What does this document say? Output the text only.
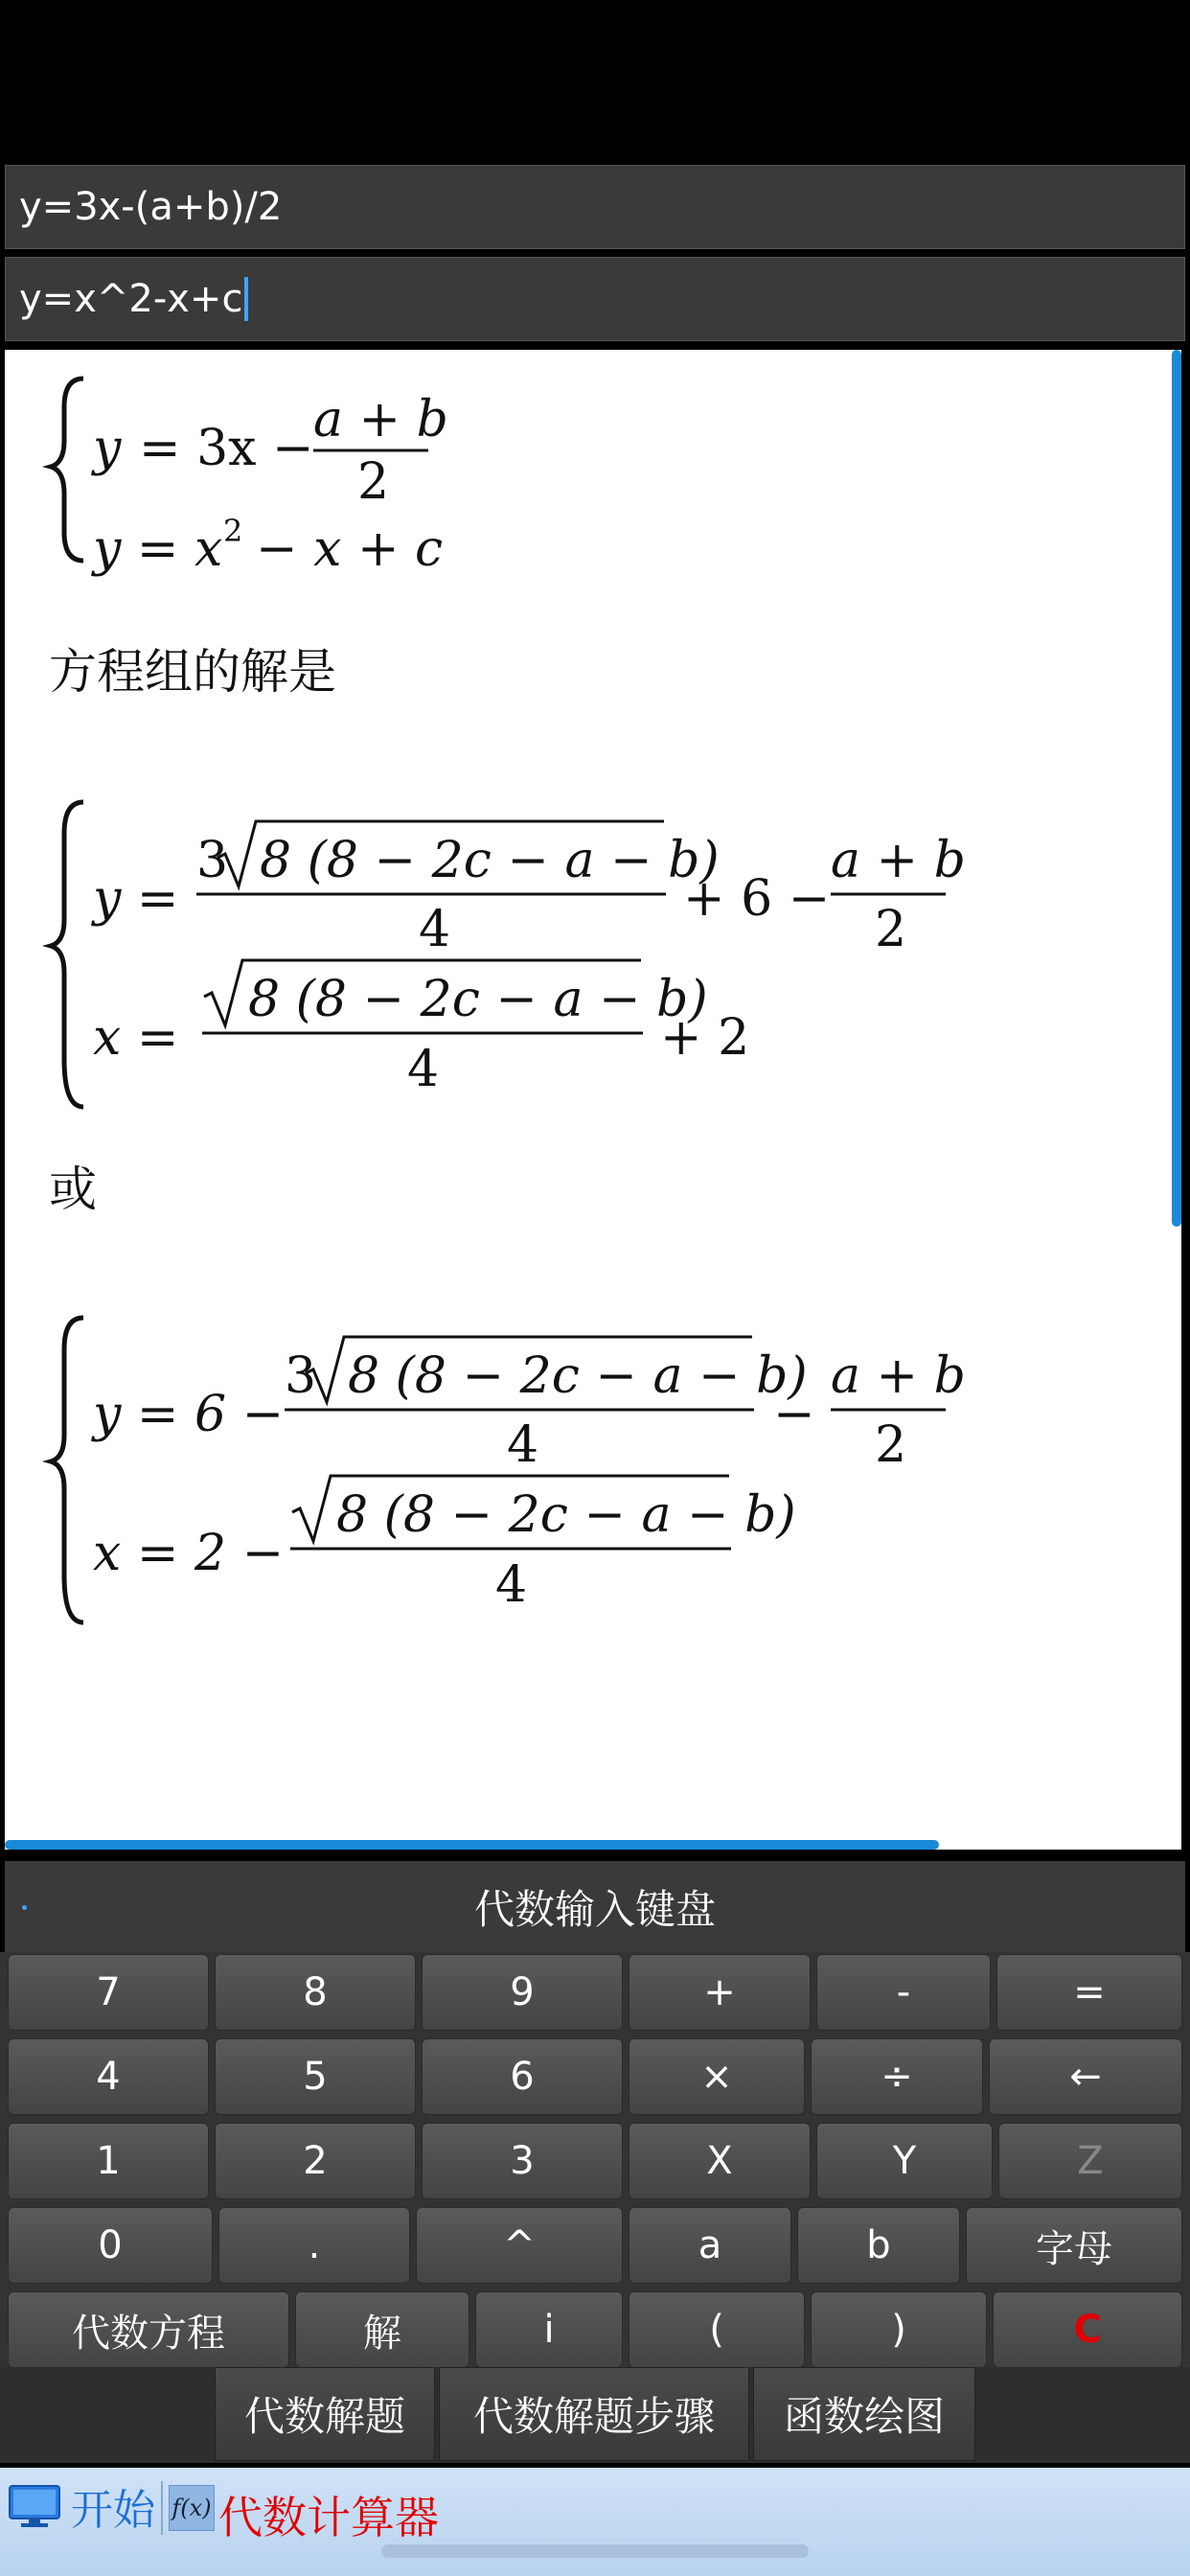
y=3x-(a+b)/2
y=x^2-x+c
y = 3x − a + b
2
y = x 2 − x + c
方程组的解是
y =
3 8 (8 − 2c − a − b)
4
+ 6 −
a + b
2
x =
8 (8 − 2c − a − b)
4
+ 2
或
y = 6 −
3 8 (8 − 2c − a − b)
4
−
a + b
2
x = 2 −
8 (8 − 2c − a − b)
4
代数输入键盘
7	8	9	+	-	=
4	5	6	×	÷	←
1	2	3	X	Y	Z
0	.	^	a	b	字母
代数方程	解	i	(	)	C
代数解题	代数解题步骤	函数绘图
开始 f(x) 代数计算器
